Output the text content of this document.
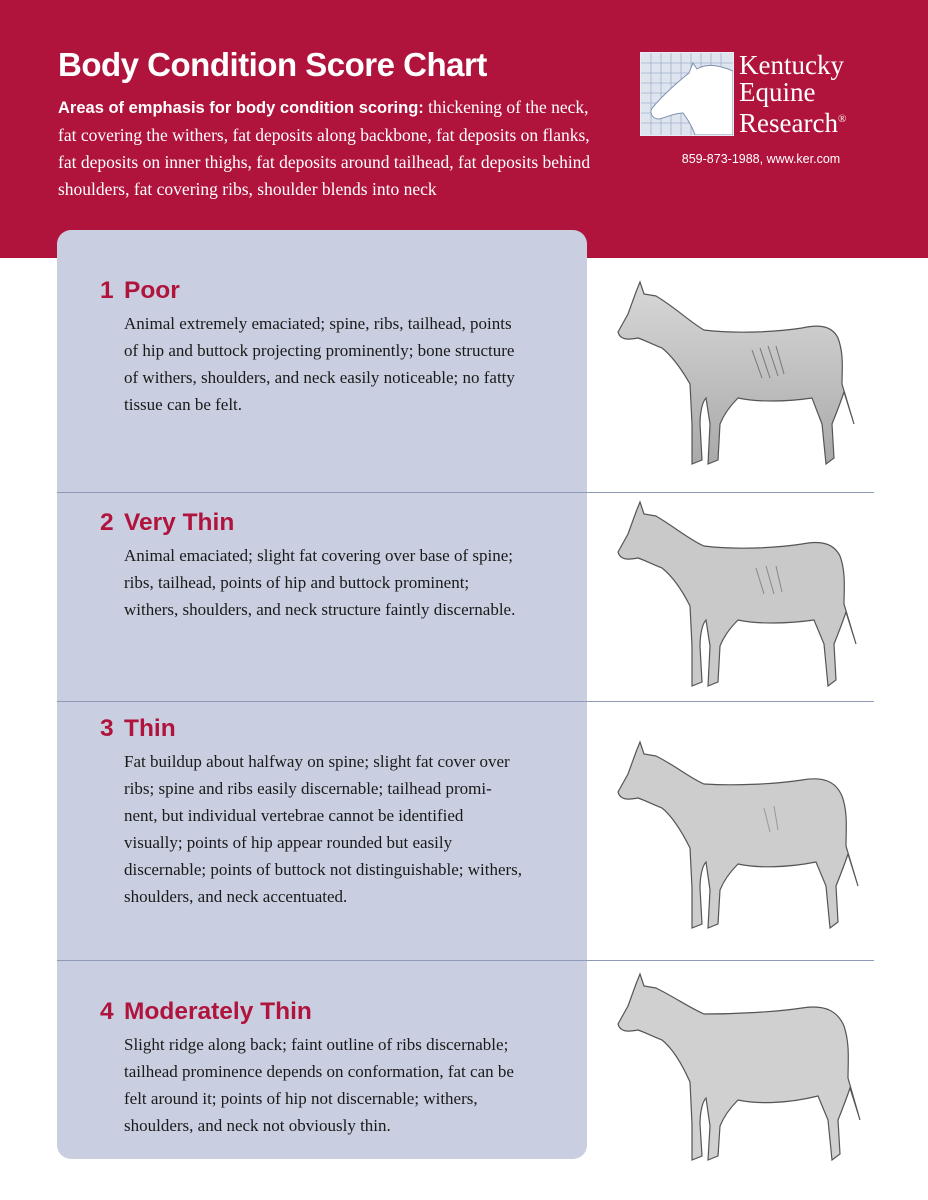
Body Condition Score Chart

Areas of emphasis for body condition scoring: thickening of the neck, fat covering the withers, fat deposits along backbone, fat deposits on flanks, fat deposits on inner thighs, fat deposits around tailhead, fat deposits behind shoulders, fat covering ribs, shoulder blends into neck

Kentucky
Equine
Research®
859-873-1988, www.ker.com
1 Poor

Animal extremely emaciated; spine, ribs, tailhead, points of hip and buttock projecting prominently; bone structure of withers, shoulders, and neck easily noticeable; no fatty tissue can be felt.

2 Very Thin

Animal emaciated; slight fat covering over base of spine; ribs, tailhead, points of hip and buttock prominent; withers, shoulders, and neck structure faintly discernable.

3 Thin

Fat buildup about halfway on spine; slight fat cover over ribs; spine and ribs easily discernable; tailhead promi-nent, but individual vertebrae cannot be identified visually; points of hip appear rounded but easily discernable; points of buttock not distinguishable; withers, shoulders, and neck accentuated.

4 Moderately Thin

Slight ridge along back; faint outline of ribs discernable; tailhead prominence depends on conformation, fat can be felt around it; points of hip not discernable; withers, shoulders, and neck not obviously thin.
